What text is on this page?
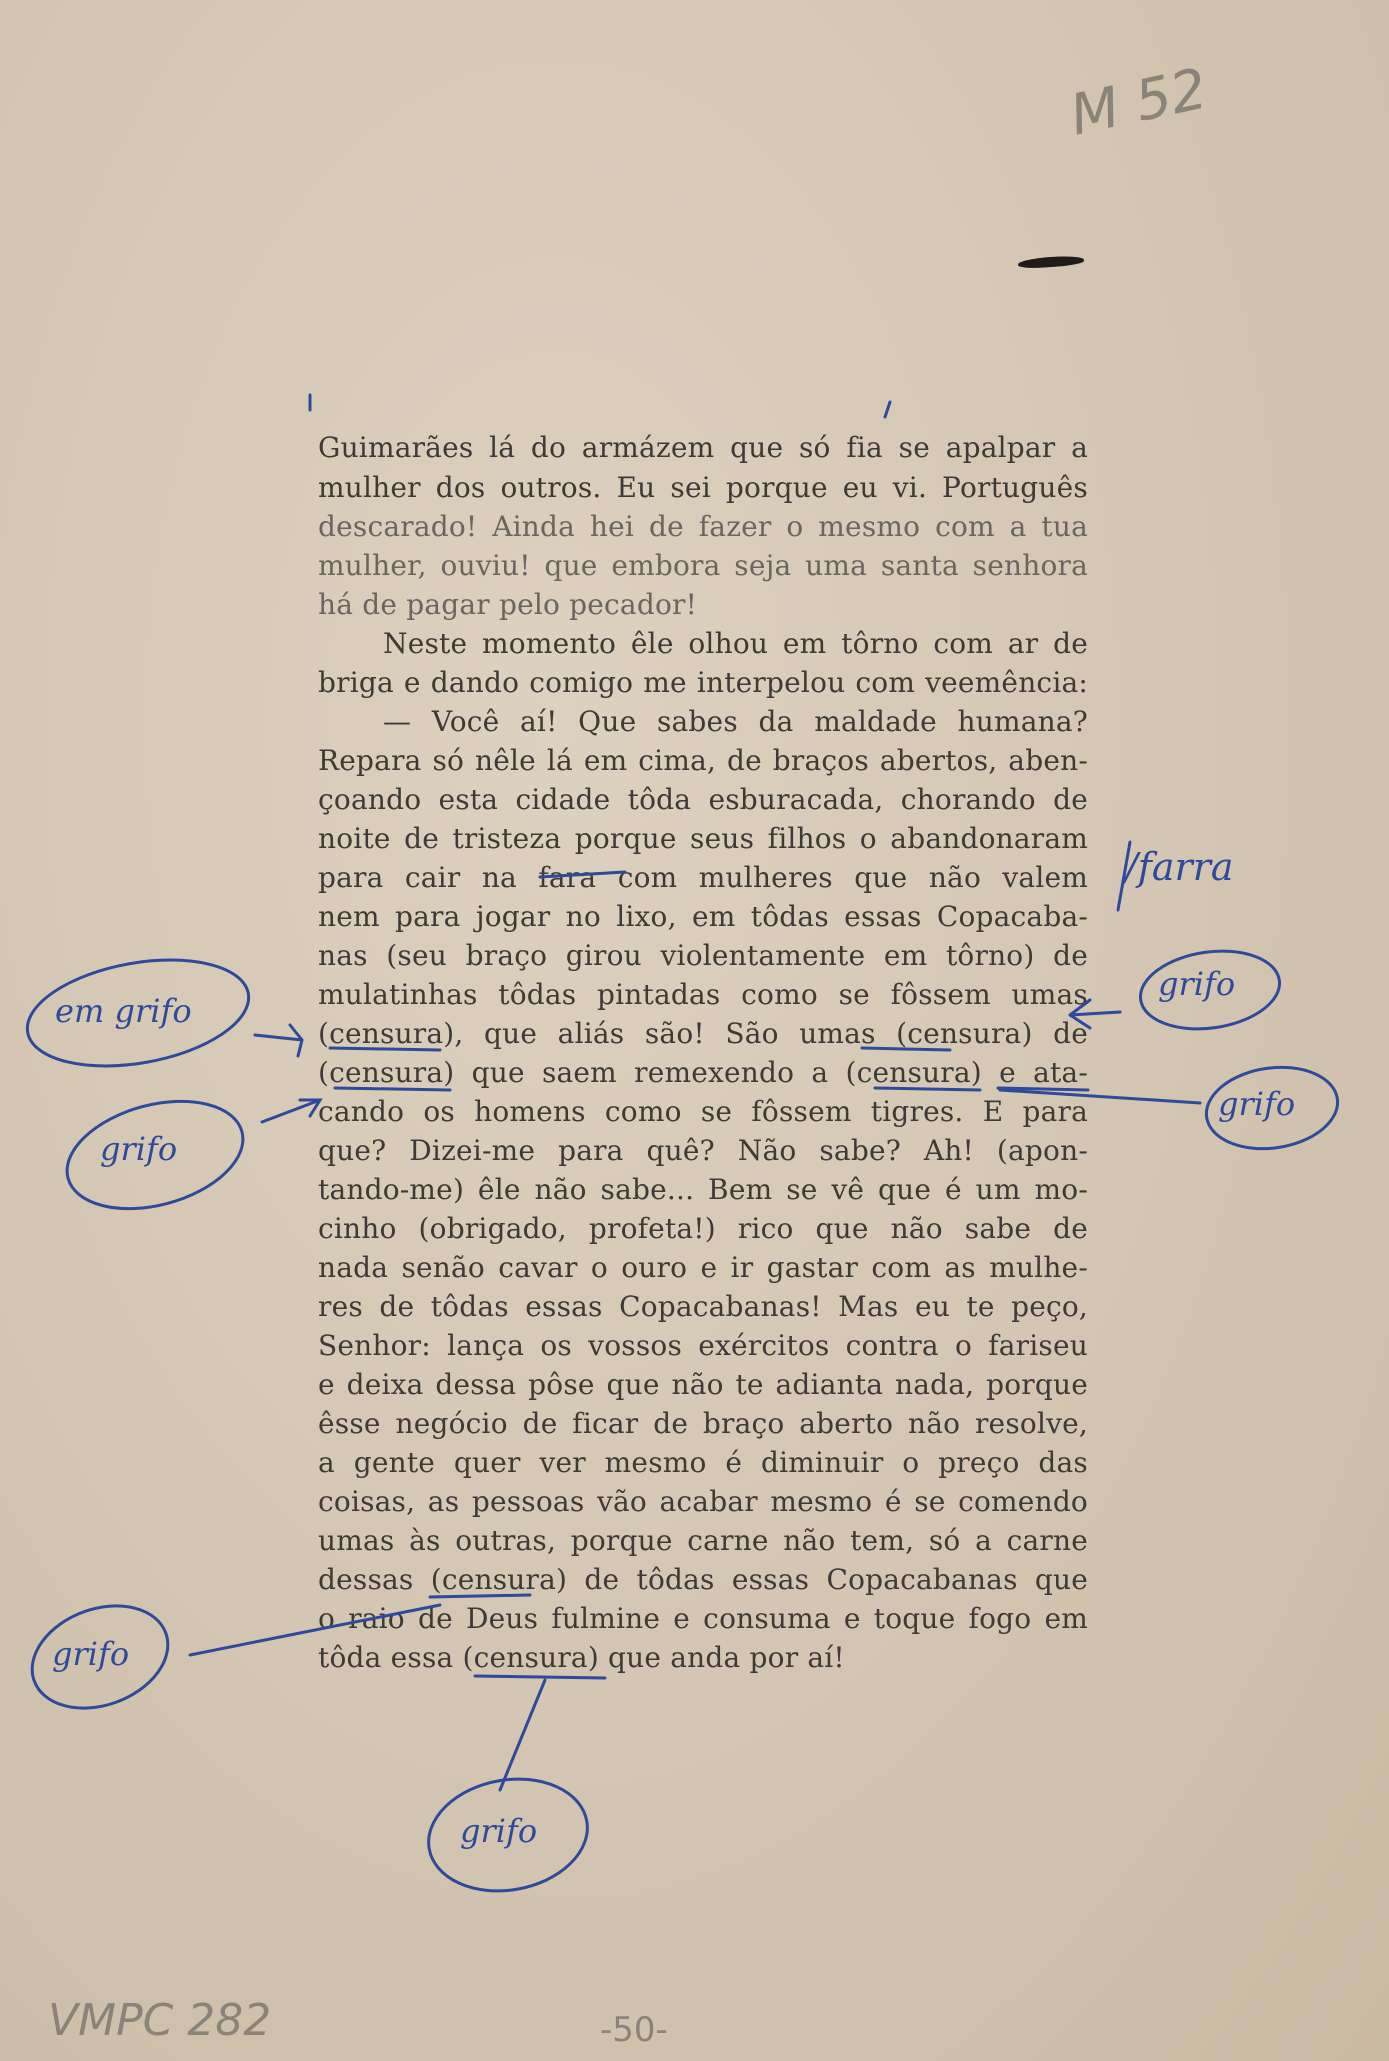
M 52
Guimarães lá do armázem que só fia se apalpar a
mulher dos outros. Eu sei porque eu vi. Português
descarado! Ainda hei de fazer o mesmo com a tua
mulher, ouviu! que embora seja uma santa senhora
há de pagar pelo pecador!
Neste momento êle olhou em tôrno com ar de
briga e dando comigo me interpelou com veemência:
— Você aí! Que sabes da maldade humana?
Repara só nêle lá em cima, de braços abertos, aben-
çoando esta cidade tôda esburacada, chorando de
noite de tristeza porque seus filhos o abandonaram
para cair na fara com mulheres que não valem
nem para jogar no lixo, em tôdas essas Copacaba-
nas (seu braço girou violentamente em tôrno) de
mulatinhas tôdas pintadas como se fôssem umas
(censura), que aliás são! São umas (censura) de
(censura) que saem remexendo a (censura) e ata-
cando os homens como se fôssem tigres. E para
que? Dizei-me para quê? Não sabe? Ah! (apon-
tando-me) êle não sabe... Bem se vê que é um mo-
cinho (obrigado, profeta!) rico que não sabe de
nada senão cavar o ouro e ir gastar com as mulhe-
res de tôdas essas Copacabanas! Mas eu te peço,
Senhor: lança os vossos exércitos contra o fariseu
e deixa dessa pôse que não te adianta nada, porque
êsse negócio de ficar de braço aberto não resolve,
a gente quer ver mesmo é diminuir o preço das
coisas, as pessoas vão acabar mesmo é se comendo
umas às outras, porque carne não tem, só a carne
dessas (censura) de tôdas essas Copacabanas que
o raio de Deus fulmine e consuma e toque fogo em
tôda essa (censura) que anda por aí!
/farra
grifo
grifo
em grifo
grifo
grifo
grifo
VMPC 282	-50-
